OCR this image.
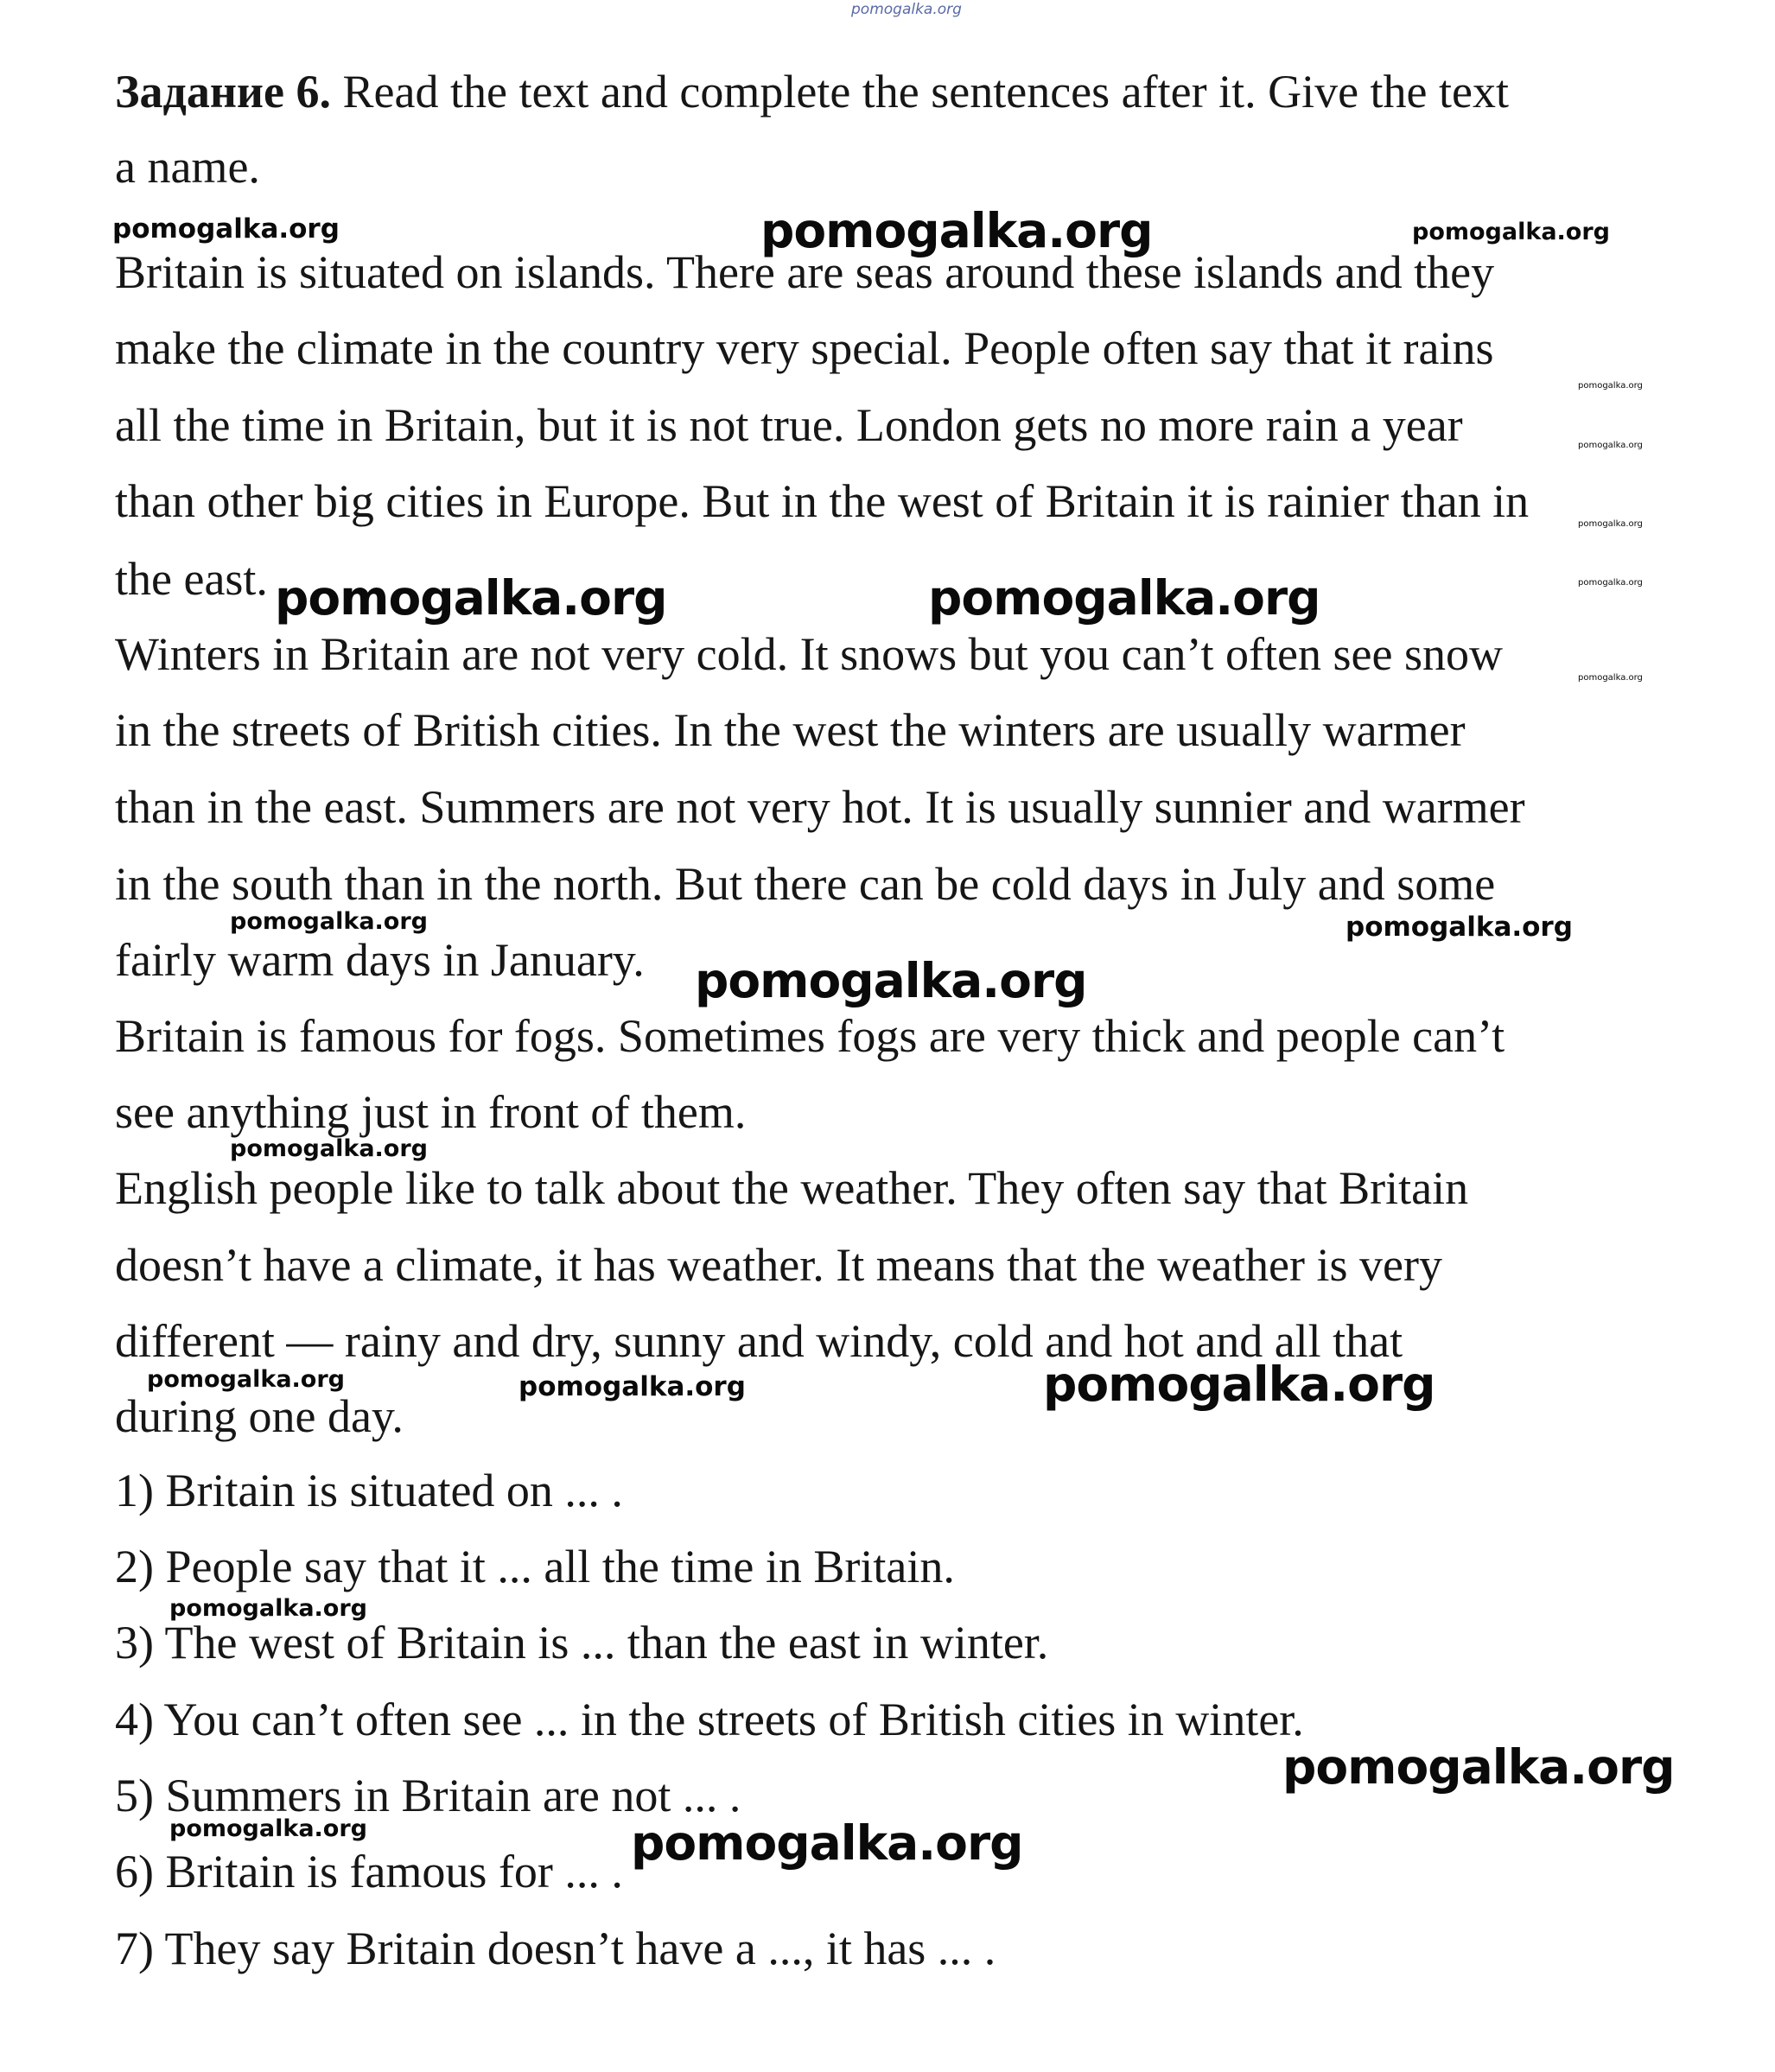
pomogalka.org
Задание 6. Read the text and complete the sentences after it. Give the text
a name.
Britain is situated on islands. There are seas around these islands and they
make the climate in the country very special. People often say that it rains
all the time in Britain, but it is not true. London gets no more rain a year
than other big cities in Europe. But in the west of Britain it is rainier than in
the east.
Winters in Britain are not very cold. It snows but you can’t often see snow
in the streets of British cities. In the west the winters are usually warmer
than in the east. Summers are not very hot. It is usually sunnier and warmer
in the south than in the north. But there can be cold days in July and some
fairly warm days in January.
Britain is famous for fogs. Sometimes fogs are very thick and people can’t
see anything just in front of them.
English people like to talk about the weather. They often say that Britain
doesn’t have a climate, it has weather. It means that the weather is very
different — rainy and dry, sunny and windy, cold and hot and all that
during one day.
1) Britain is situated on ... .
2) People say that it ... all the time in Britain.
3) The west of Britain is ... than the east in winter.
4) You can’t often see ... in the streets of British cities in winter.
5) Summers in Britain are not ... .
6) Britain is famous for ... .
7) They say Britain doesn’t have a ..., it has ... .
pomogalka.org	pomogalka.org	pomogalka.org
pomogalka.org
pomogalka.org
pomogalka.org
pomogalka.org
pomogalka.org
pomogalka.org	pomogalka.org
pomogalka.org	pomogalka.org
pomogalka.org
pomogalka.org
pomogalka.org	pomogalka.org	pomogalka.org
pomogalka.org
pomogalka.org
pomogalka.org	pomogalka.org
